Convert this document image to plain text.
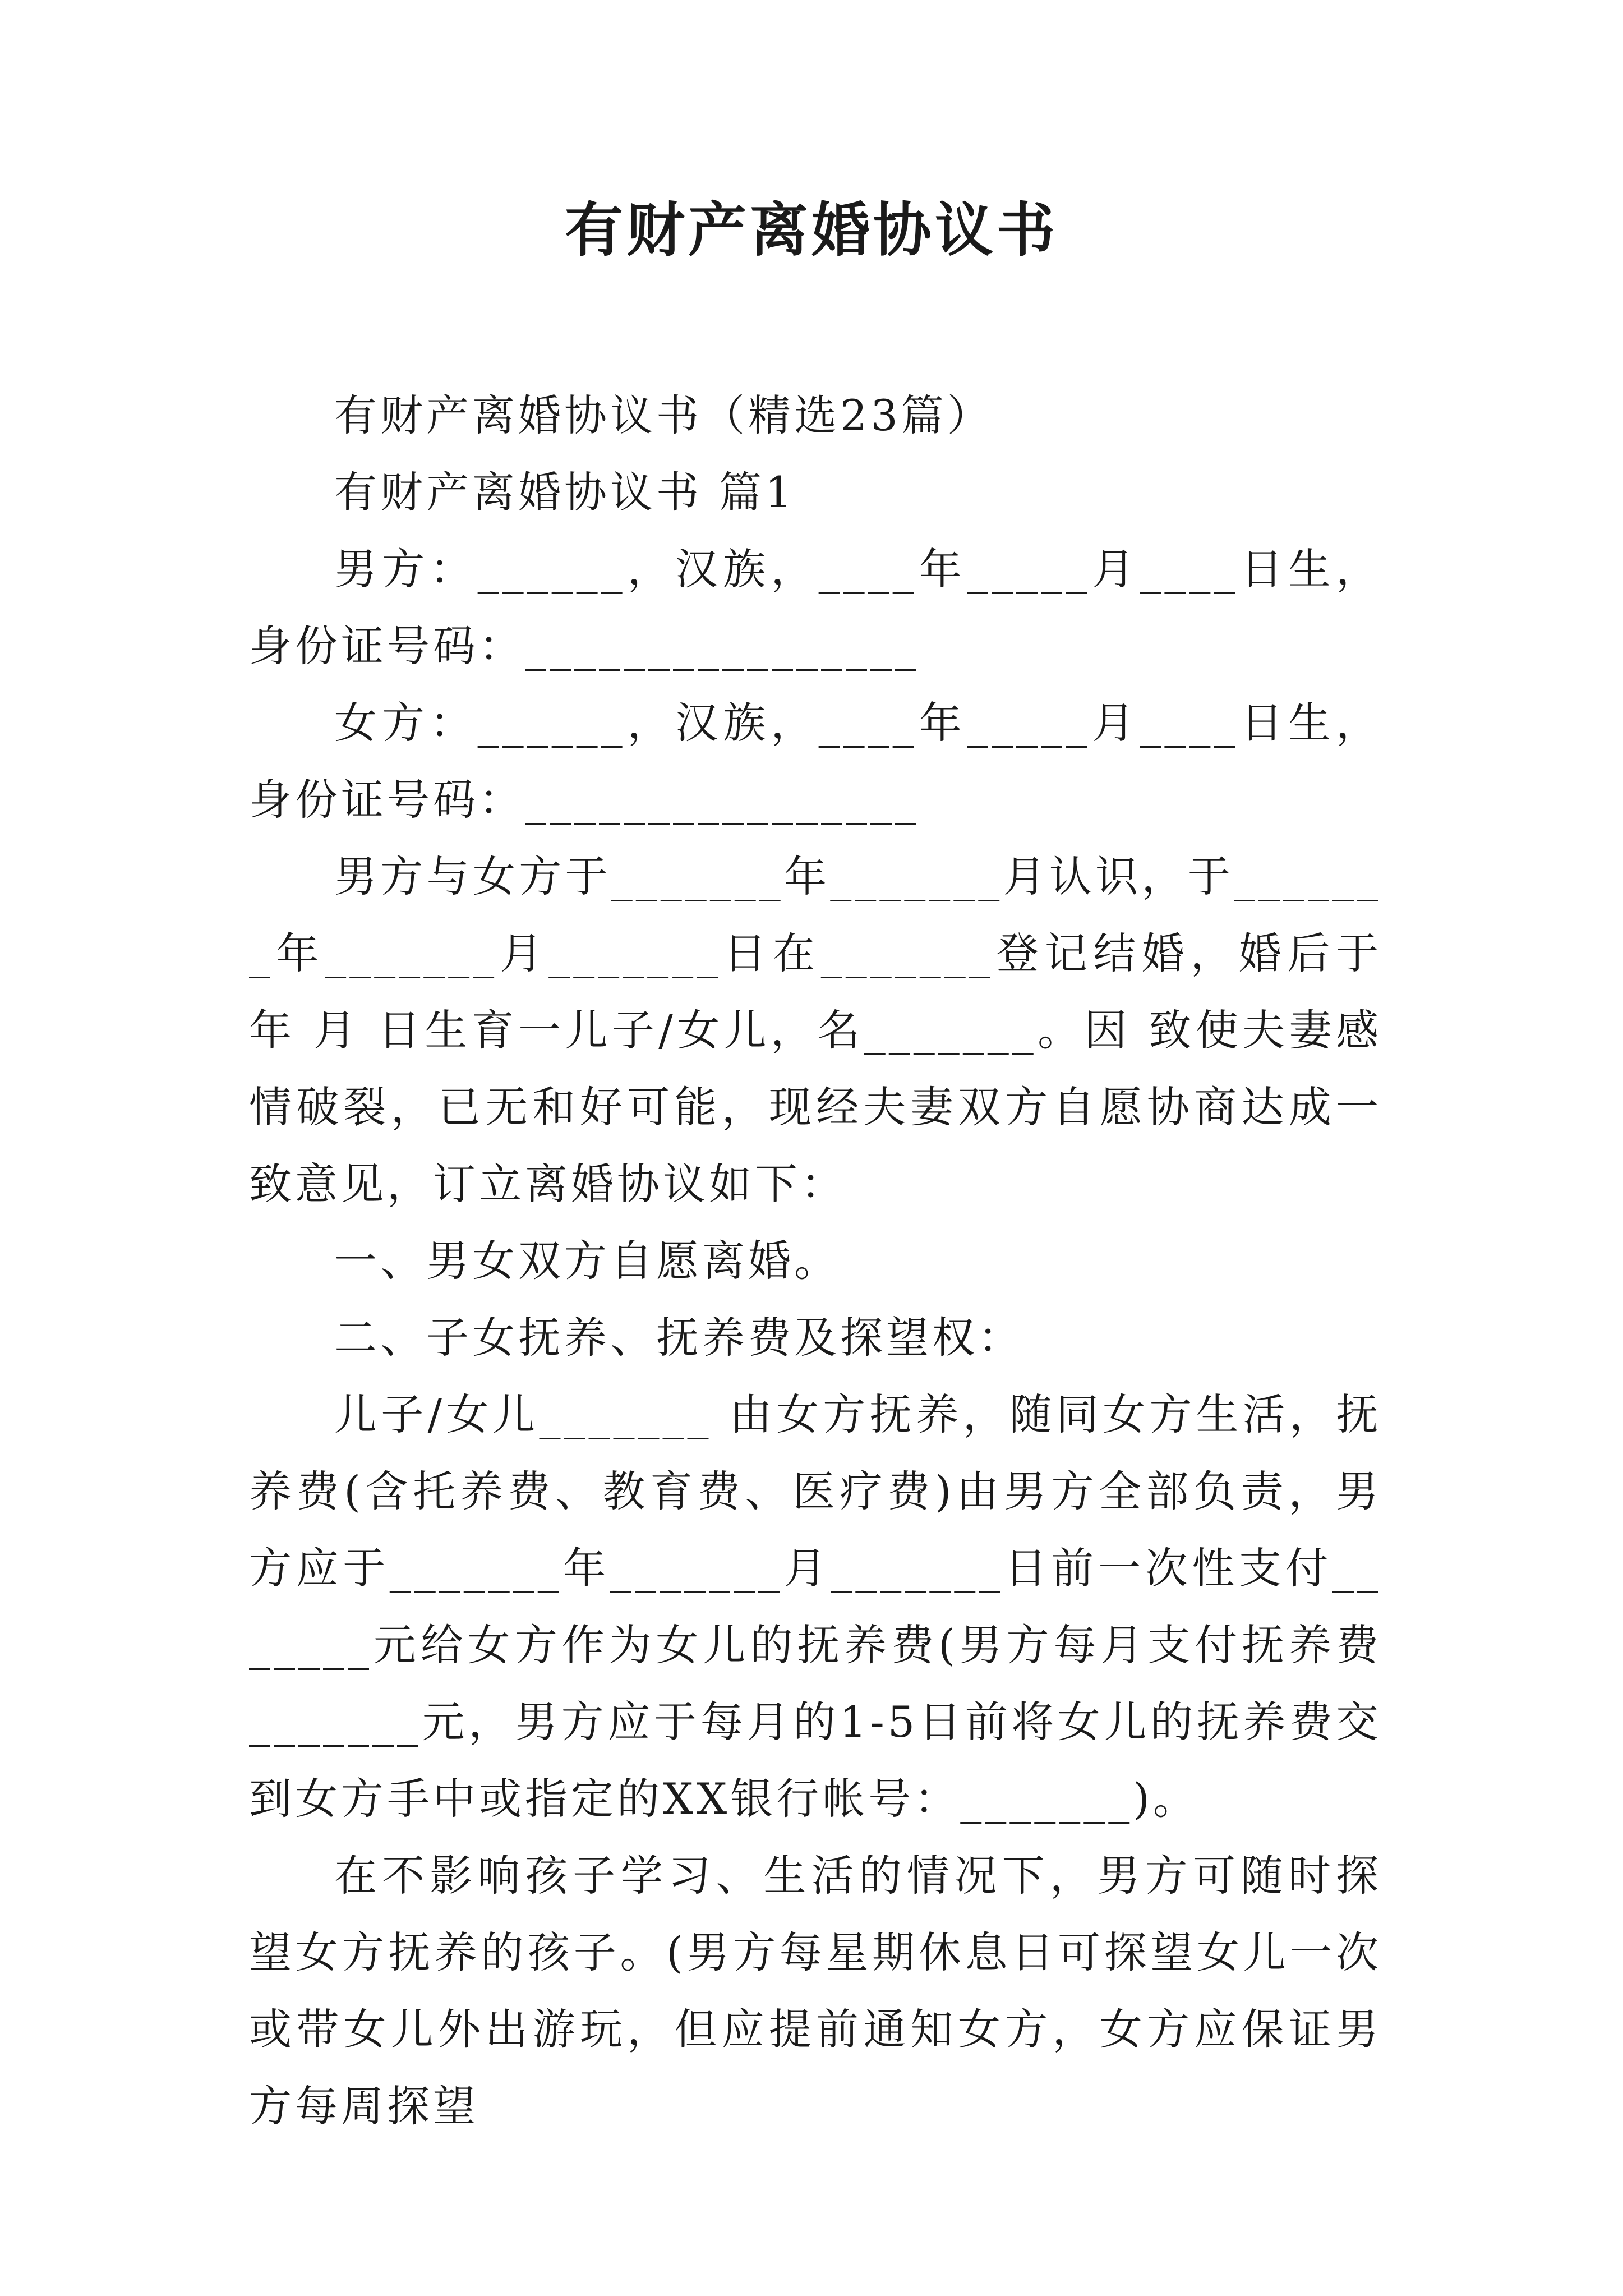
有财产离婚协议书

有财产离婚协议书（精选23篇）

有财产离婚协议书 篇1

男方：______，汉族，____年_____月____日生，身份证号码：________________

女方：______，汉族，____年_____月____日生，身份证号码：________________

男方与女方于_______年_______月认识，于_______年_______月_______日在_______登记结婚，婚后于 年 月 日生育一儿子/女儿，名_______。因 致使夫妻感情破裂，已无和好可能，现经夫妻双方自愿协商达成一致意见，订立离婚协议如下：

一、男女双方自愿离婚。

二、子女抚养、抚养费及探望权：

儿子/女儿_______ 由女方抚养，随同女方生活，抚养费(含托养费、教育费、医疗费)由男方全部负责，男方应于_______年_______月_______日前一次性支付_______元给女方作为女儿的抚养费(男方每月支付抚养费_______元，男方应于每月的1-5日前将女儿的抚养费交到女方手中或指定的XX银行帐号：_______)。

在不影响孩子学习、生活的情况下，男方可随时探望女方抚养的孩子。(男方每星期休息日可探望女儿一次或带女儿外出游玩，但应提前通知女方，女方应保证男方每周探望
